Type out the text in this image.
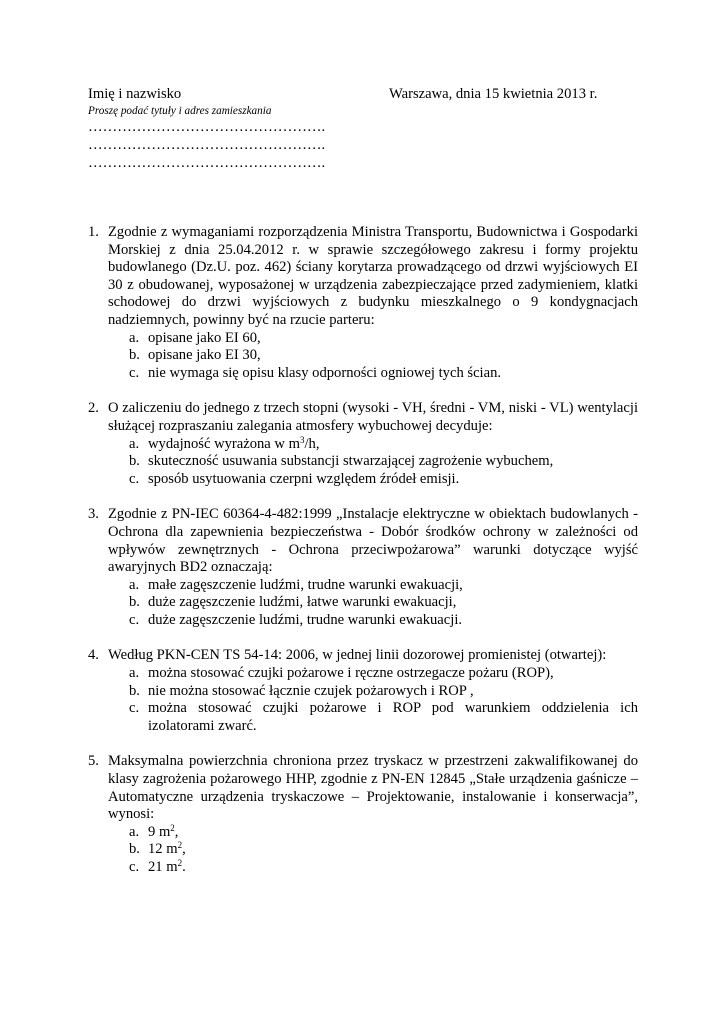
Imię i nazwisko
Proszę podać tytuły i adres zamieszkania
………………………………………….
………………………………………….
………………………………………….
Warszawa, dnia 15 kwietnia 2013 r.
1. Zgodnie z wymaganiami rozporządzenia Ministra Transportu, Budownictwa i Gospodarki Morskiej z dnia 25.04.2012 r. w sprawie szczegółowego zakresu i formy projektu budowlanego (Dz.U. poz. 462) ściany korytarza prowadzącego od drzwi wyjściowych EI 30 z obudowanej, wyposażonej w urządzenia zabezpieczające przed zadymieniem, klatki schodowej do drzwi wyjściowych z budynku mieszkalnego o 9 kondygnacjach nadziemnych, powinny być na rzucie parteru:
a. opisane jako EI 60,
b. opisane jako EI 30,
c. nie wymaga się opisu klasy odporności ogniowej tych ścian.
2. O zaliczeniu do jednego z trzech stopni (wysoki - VH, średni - VM, niski - VL) wentylacji służącej rozpraszaniu zalegania atmosfery wybuchowej decyduje:
a. wydajność wyrażona w $m^3/h$,
b. skuteczność usuwania substancji stwarzającej zagrożenie wybuchem,
c. sposób usytuowania czerpni względem źródeł emisji.
3. Zgodnie z PN-IEC 60364-4-482:1999 „Instalacje elektryczne w obiektach budowlanych - Ochrona dla zapewnienia bezpieczeństwa - Dobór środków ochrony w zależności od wpływów zewnętrznych - Ochrona przeciwpożarowa” warunki dotyczące wyjść awaryjnych BD2 oznaczają:
a. małe zagęszczenie ludźmi, trudne warunki ewakuacji,
b. duże zagęszczenie ludźmi, łatwe warunki ewakuacji,
c. duże zagęszczenie ludźmi, trudne warunki ewakuacji.
4. Według PKN-CEN TS 54-14: 2006, w jednej linii dozorowej promienistej (otwartej):
a. można stosować czujki pożarowe i ręczne ostrzegacze pożaru (ROP),
b. nie można stosować łącznie czujek pożarowych i ROP ,
c. można stosować czujki pożarowe i ROP pod warunkiem oddzielenia ich izolatorami zwarć.
5. Maksymalna powierzchnia chroniona przez tryskacz w przestrzeni zakwalifikowanej do klasy zagrożenia pożarowego HHP, zgodnie z PN-EN 12845 „Stałe urządzenia gaśnicze – Automatyczne urządzenia tryskaczowe – Projektowanie, instalowanie i konserwacja”, wynosi:
a. 9 $m^2$,
b. 12 $m^2$,
c. 21 $m^2$.
